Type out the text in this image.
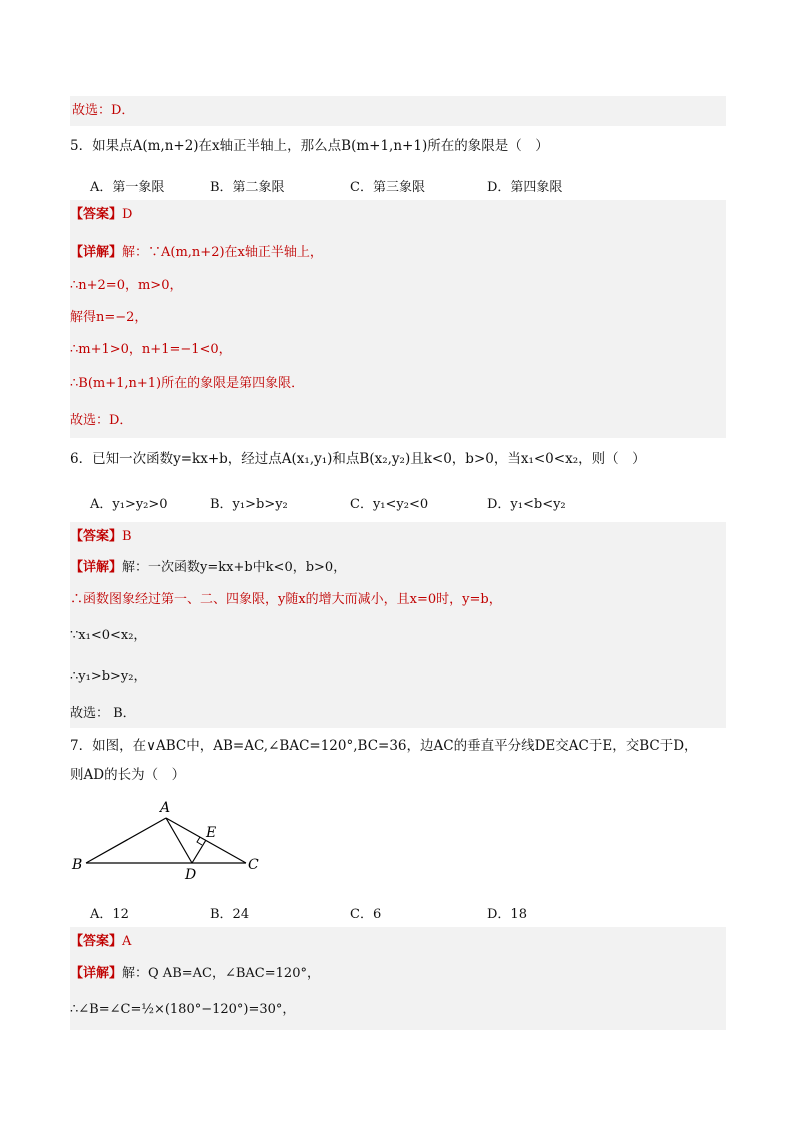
故选：D．
5．如果点A(m,n+2)在x轴正半轴上，那么点B(m+1,n+1)所在的象限是（　）
A．第一象限	B．第二象限	C．第三象限	D．第四象限
【答案】D
【详解】解：∵A(m,n+2)在x轴正半轴上，
∴n+2=0，m>0，
解得n=−2，
∴m+1>0，n+1=−1<0，
∴B(m+1,n+1)所在的象限是第四象限．
故选：D．
6．已知一次函数y=kx+b，经过点A(x₁,y₁)和点B(x₂,y₂)且k<0，b>0，当x₁<0<x₂，则（　）
A．y₁>y₂>0	B．y₁>b>y₂	C．y₁<y₂<0	D．y₁<b<y₂
【答案】B
【详解】解：一次函数y=kx+b中k<0，b>0，
∴函数图象经过第一、二、四象限，y随x的增大而减小，且x=0时，y=b，
∵x₁<0<x₂，
∴y₁>b>y₂，
故选： B．
7．如图，在∨ABC中，AB=AC,∠BAC=120°,BC=36，边AC的垂直平分线DE交AC于E，交BC于D，
则AD的长为（　）
A
B	C
D
E
A．12	B．24	C．6	D．18
【答案】A
【详解】解：Q AB=AC，∠BAC=120°，
∴∠B=∠C=½×(180°−120°)=30°，
